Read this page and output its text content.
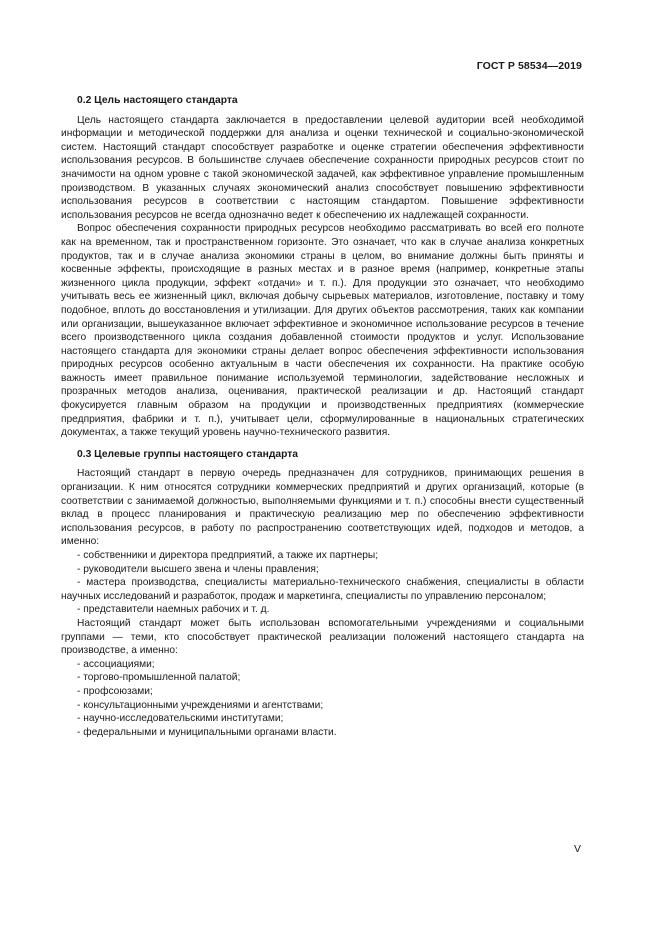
ГОСТ Р 58534—2019
0.2 Цель настоящего стандарта

Цель настоящего стандарта заключается в предоставлении целевой аудитории всей необходимой информации и методической поддержки для анализа и оценки технической и социально-экономической систем. Настоящий стандарт способствует разработке и оценке стратегии обеспечения эффективности использования ресурсов. В большинстве случаев обеспечение сохранности природных ресурсов стоит по значимости на одном уровне с такой экономической задачей, как эффективное управление промышленным производством. В указанных случаях экономический анализ способствует повышению эффективности использования ресурсов в соответствии с настоящим стандартом. Повышение эффективности использования ресурсов не всегда однозначно ведет к обеспечению их надлежащей сохранности.

Вопрос обеспечения сохранности природных ресурсов необходимо рассматривать во всей его полноте как на временном, так и пространственном горизонте. Это означает, что как в случае анализа конкретных продуктов, так и в случае анализа экономики страны в целом, во внимание должны быть приняты и косвенные эффекты, происходящие в разных местах и в разное время (например, конкретные этапы жизненного цикла продукции, эффект «отдачи» и т. п.). Для продукции это означает, что необходимо учитывать весь ее жизненный цикл, включая добычу сырьевых материалов, изготовление, поставку и тому подобное, вплоть до восстановления и утилизации. Для других объектов рассмотрения, таких как компании или организации, вышеуказанное включает эффективное и экономичное использование ресурсов в течение всего производственного цикла создания добавленной стоимости продуктов и услуг. Использование настоящего стандарта для экономики страны делает вопрос обеспечения эффективности использования природных ресурсов особенно актуальным в части обеспечения их сохранности. На практике особую важность имеет правильное понимание используемой терминологии, задействование несложных и прозрачных методов анализа, оценивания, практической реализации и др. Настоящий стандарт фокусируется главным образом на продукции и производственных предприятиях (коммерческие предприятия, фабрики и т. п.), учитывает цели, сформулированные в национальных стратегических документах, а также текущий уровень научно-технического развития.

0.3 Целевые группы настоящего стандарта

Настоящий стандарт в первую очередь предназначен для сотрудников, принимающих решения в организации. К ним относятся сотрудники коммерческих предприятий и других организаций, которые (в соответствии с занимаемой должностью, выполняемыми функциями и т. п.) способны внести существенный вклад в процесс планирования и практическую реализацию мер по обеспечению эффективности использования ресурсов, в работу по распространению соответствующих идей, подходов и методов, а именно:

- собственники и директора предприятий, а также их партнеры;
- руководители высшего звена и члены правления;
- мастера производства, специалисты материально-технического снабжения, специалисты в области научных исследований и разработок, продаж и маркетинга, специалисты по управлению персоналом;
- представители наемных рабочих и т. д.

Настоящий стандарт может быть использован вспомогательными учреждениями и социальными группами — теми, кто способствует практической реализации положений настоящего стандарта на производстве, а именно:

- ассоциациями;
- торгово-промышленной палатой;
- профсоюзами;
- консультационными учреждениями и агентствами;
- научно-исследовательскими институтами;
- федеральными и муниципальными органами власти.
V
